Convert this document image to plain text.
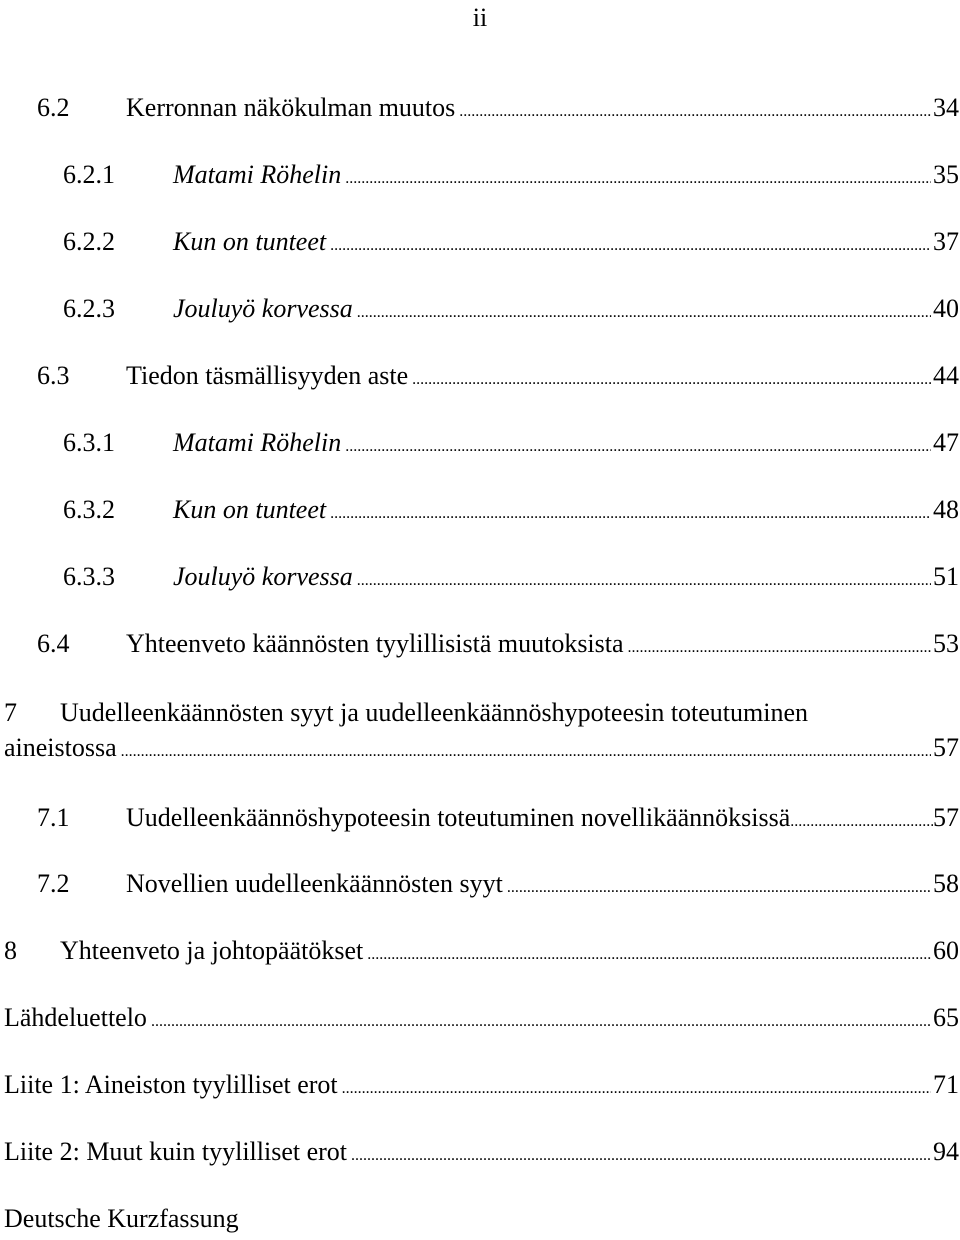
ii
6.2	Kerronnan näkökulman muutos .....	34
6.2.1	Matami Röhelin .....	35
6.2.2	Kun on tunteet .....	37
6.2.3	Jouluyö korvessa .....	40
6.3	Tiedon täsmällisyyden aste .....	44
6.3.1	Matami Röhelin .....	47
6.3.2	Kun on tunteet .....	48
6.3.3	Jouluyö korvessa .....	51
6.4	Yhteenveto käännösten tyylillisistä muutoksista .....	53
7	Uudelleenkäännösten syyt ja uudelleenkäännöshypoteesin toteutuminen
aineistossa .....	57
7.1	Uudelleenkäännöshypoteesin toteutuminen novellikäännöksissä .....	57
7.2	Novellien uudelleenkäännösten syyt .....	58
8	Yhteenveto ja johtopäätökset .....	60
Lähdeluettelo .....	65
Liite 1: Aineiston tyylilliset erot .....	71
Liite 2: Muut kuin tyylilliset erot .....	94
Deutsche Kurzfassung
